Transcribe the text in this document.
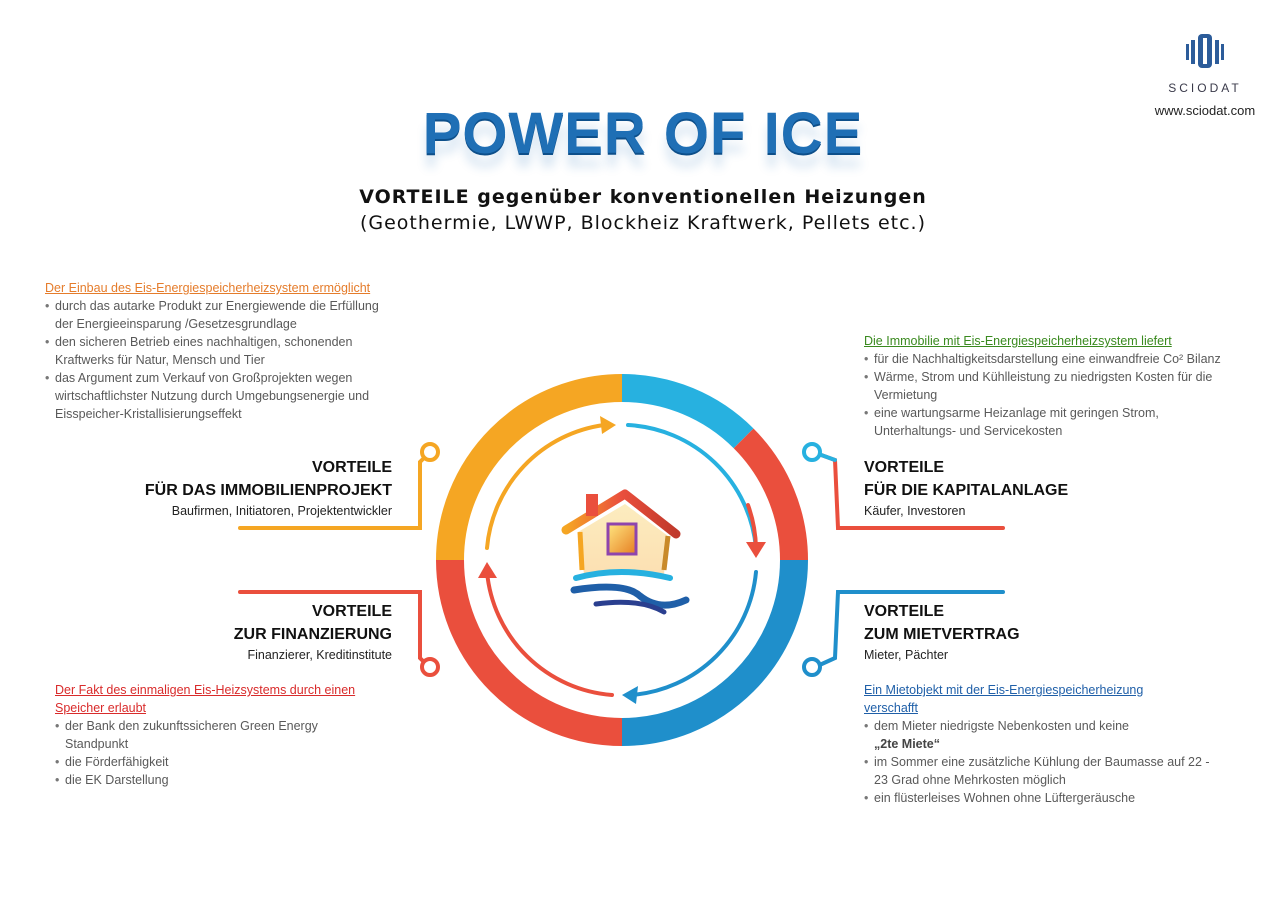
SCIODAT
www.sciodat.com
POWER OF ICE
VORTEILE gegenüber konventionellen Heizungen
(Geothermie, LWWP, Blockheiz Kraftwerk, Pellets etc.)
Der Einbau des Eis-Energiespeicherheizsystem ermöglicht
• durch das autarke Produkt zur Energiewende die Erfüllung der Energieeinsparung /Gesetzesgrundlage
• den sicheren Betrieb eines nachhaltigen, schonenden Kraftwerks für Natur, Mensch und Tier
• das Argument zum Verkauf von Großprojekten wegen wirtschaftlichster Nutzung durch Umgebungsenergie und Eisspeicher-Kristallisierungseffekt
VORTEILE
FÜR DAS IMMOBILIENPROJEKT
Baufirmen, Initiatoren, Projektentwickler
Die Immobilie mit Eis-Energiespeicherheizsystem liefert
• für die Nachhaltigkeitsdarstellung eine einwandfreie Co² Bilanz
• Wärme, Strom und Kühlleistung zu niedrigsten Kosten für die Vermietung
• eine wartungsarme Heizanlage mit geringen Strom, Unterhaltungs- und Servicekosten
VORTEILE
FÜR DIE KAPITALANLAGE
Käufer, Investoren
VORTEILE
ZUR FINANZIERUNG
Finanzierer, Kreditinstitute
Der Fakt des einmaligen Eis-Heizsystems durch einen Speicher erlaubt
• der Bank den zukunftssicheren Green Energy Standpunkt
• die Förderfähigkeit
• die EK Darstellung
VORTEILE
ZUM MIETVERTRAG
Mieter, Pächter
Ein Mietobjekt mit der Eis-Energiespeicherheizung verschafft
• dem Mieter niedrigste Nebenkosten und keine „2te Miete“
• im Sommer eine zusätzliche Kühlung der Baumasse auf 22 - 23 Grad ohne Mehrkosten möglich
• ein flüsterleises Wohnen ohne Lüftergeräusche
